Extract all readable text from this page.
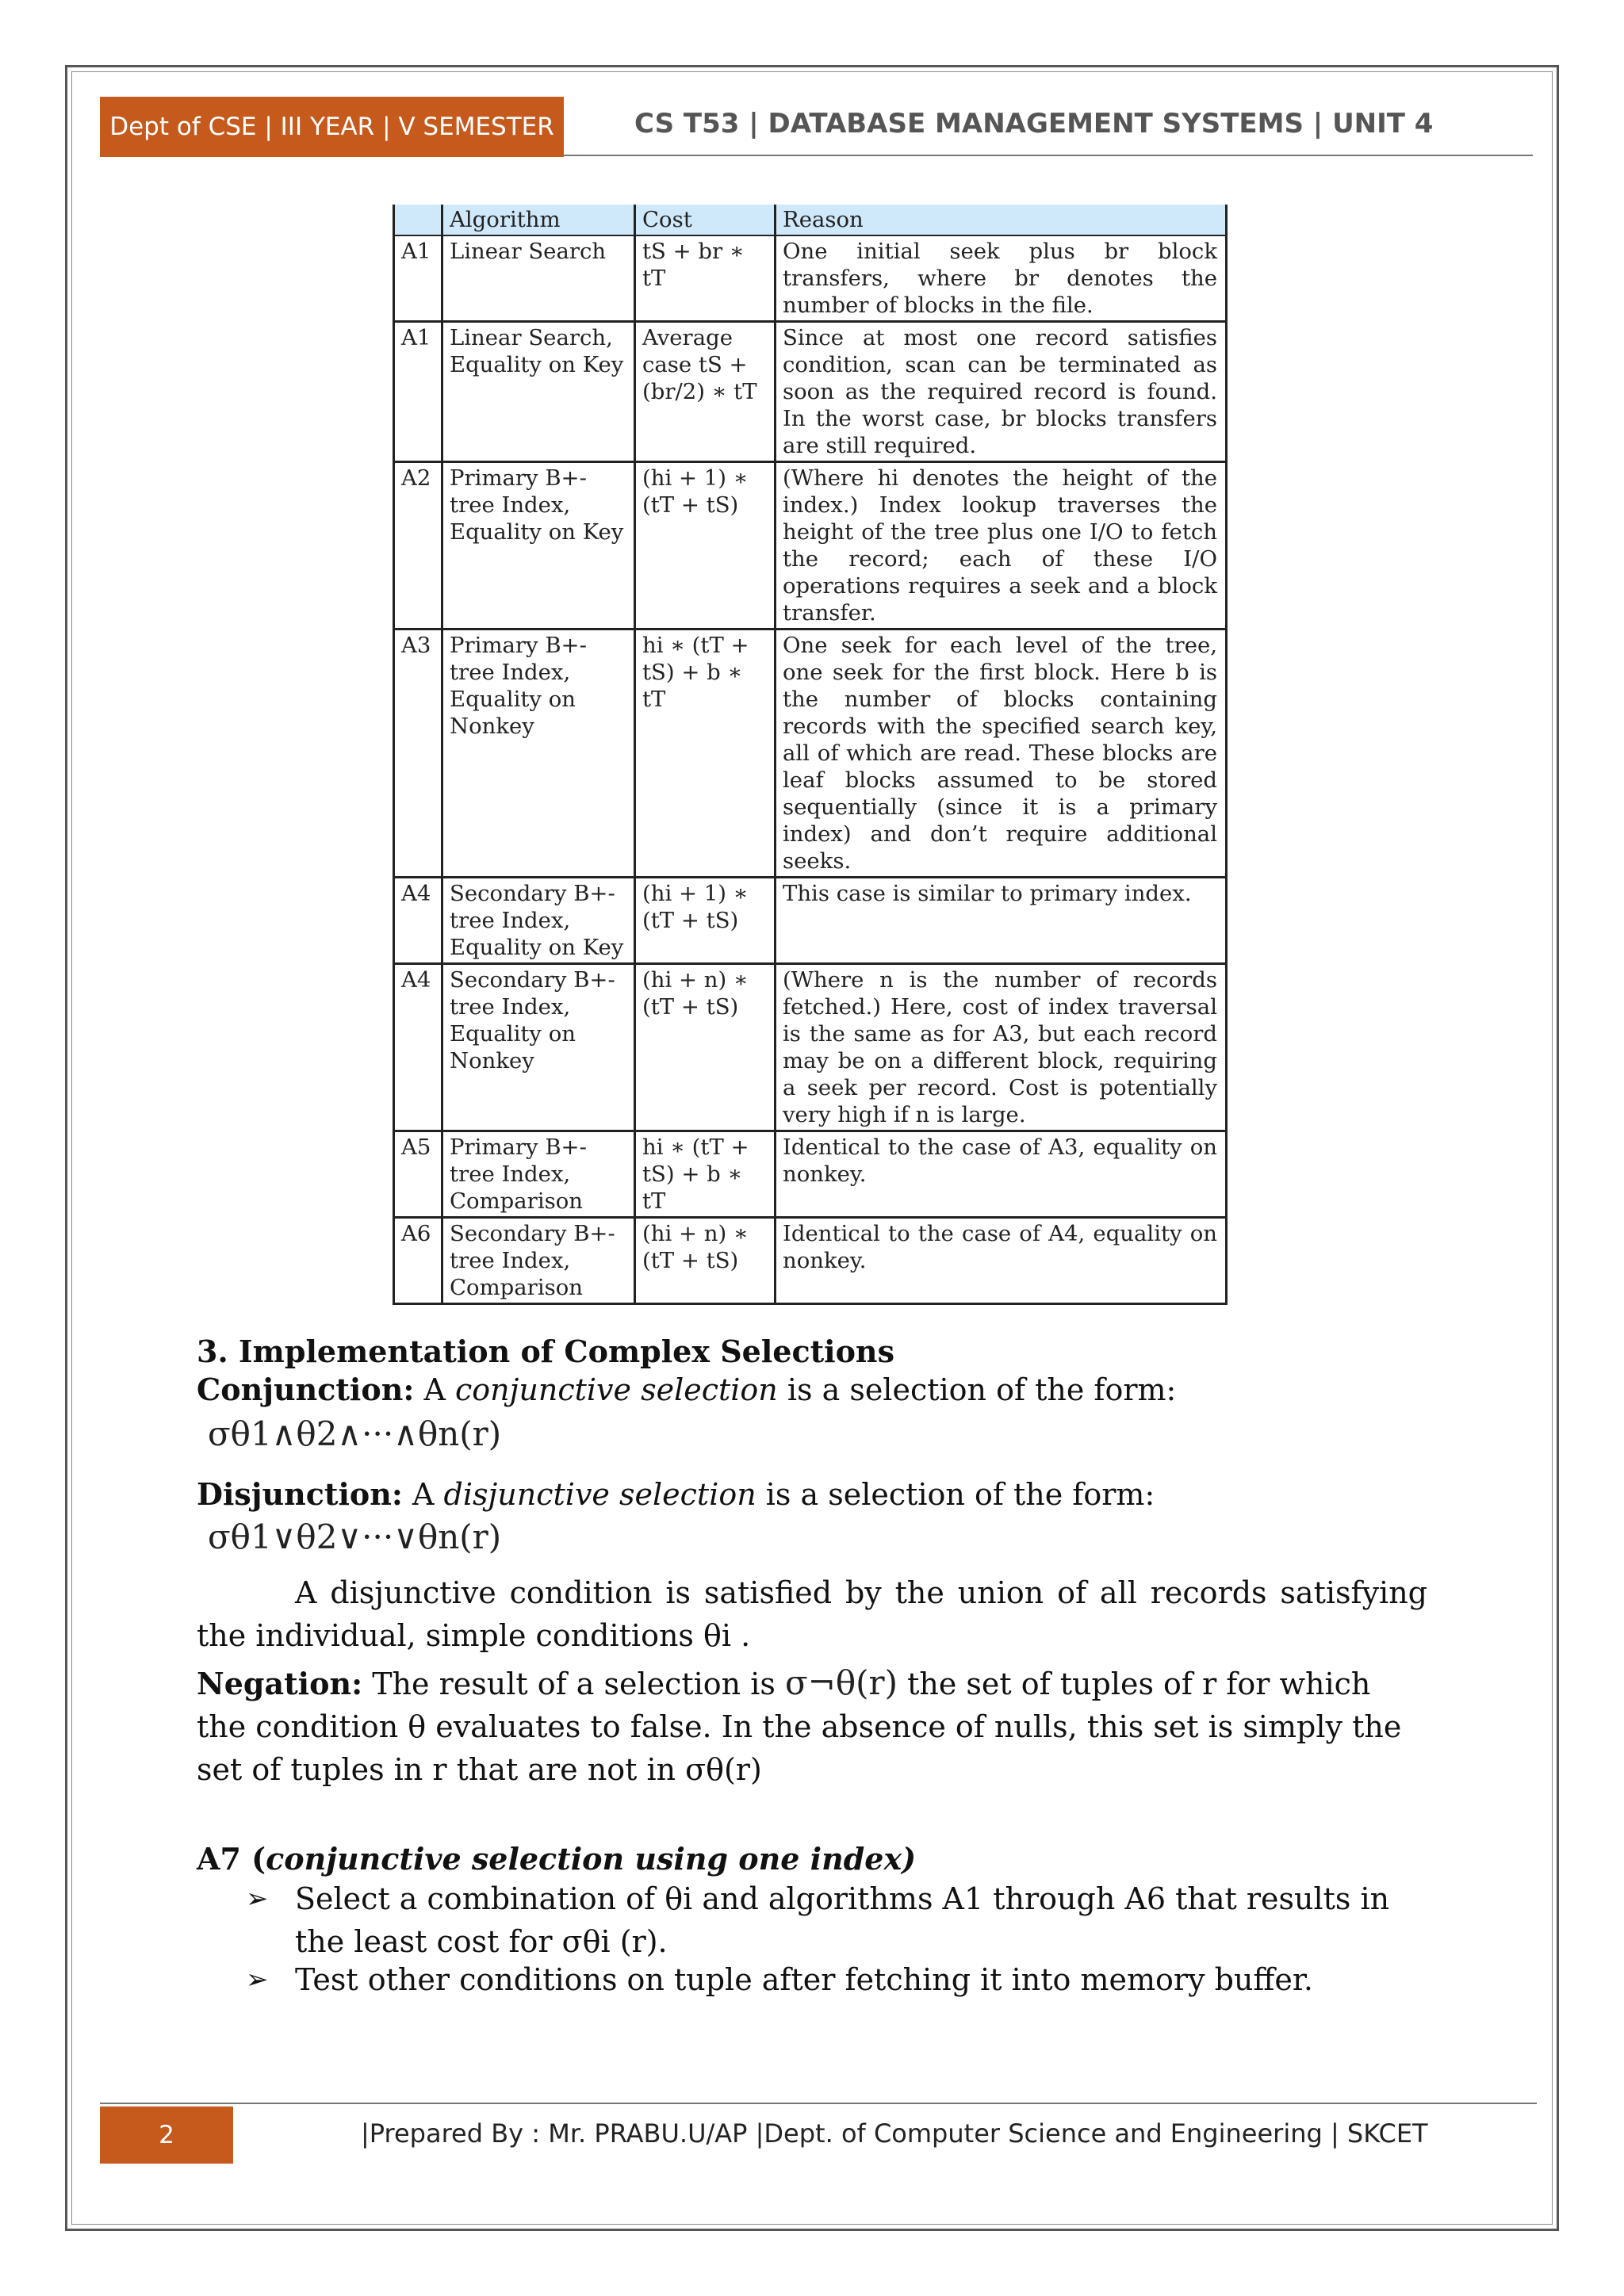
Dept of CSE | III YEAR | V SEMESTER	CS T53 | DATABASE MANAGEMENT SYSTEMS | UNIT 4
	Algorithm	Cost	Reason
A1	Linear Search	tS + br ∗ tT	One initial seek plus br block transfers, where br denotes the number of blocks in the file.
A1	Linear Search, Equality on Key	Average case tS + (br/2) ∗ tT	Since at most one record satisfies condition, scan can be terminated as soon as the required record is found. In the worst case, br blocks transfers are still required.
A2	Primary B+-tree Index, Equality on Key	(hi + 1) ∗ (tT + tS)	(Where hi denotes the height of the index.) Index lookup traverses the height of the tree plus one I/O to fetch the record; each of these I/O operations requires a seek and a block transfer.
A3	Primary B+-tree Index, Equality on Nonkey	hi ∗ (tT + tS) + b ∗ tT	One seek for each level of the tree, one seek for the first block. Here b is the number of blocks containing records with the specified search key, all of which are read. These blocks are leaf blocks assumed to be stored sequentially (since it is a primary index) and don’t require additional seeks.
A4	Secondary B+-tree Index, Equality on Key	(hi + 1) ∗ (tT + tS)	This case is similar to primary index.
A4	Secondary B+-tree Index, Equality on Nonkey	(hi + n) ∗ (tT + tS)	(Where n is the number of records fetched.) Here, cost of index traversal is the same as for A3, but each record may be on a different block, requiring a seek per record. Cost is potentially very high if n is large.
A5	Primary B+-tree Index, Comparison	hi ∗ (tT + tS) + b ∗ tT	Identical to the case of A3, equality on nonkey.
A6	Secondary B+-tree Index, Comparison	(hi + n) ∗ (tT + tS)	Identical to the case of A4, equality on nonkey.
3. Implementation of Complex Selections
Conjunction: A conjunctive selection is a selection of the form:
σθ1∧θ2∧···∧θn(r)
Disjunction: A disjunctive selection is a selection of the form:
σθ1∨θ2∨···∨θn(r)
A disjunctive condition is satisfied by the union of all records satisfying the individual, simple conditions θi .
Negation: The result of a selection is σ¬θ(r) the set of tuples of r for which the condition θ evaluates to false. In the absence of nulls, this set is simply the set of tuples in r that are not in σθ(r)
A7 (conjunctive selection using one index)
➢ Select a combination of θi and algorithms A1 through A6 that results in the least cost for σθi (r).
➢ Test other conditions on tuple after fetching it into memory buffer.
2	|Prepared By : Mr. PRABU.U/AP |Dept. of Computer Science and Engineering | SKCET
